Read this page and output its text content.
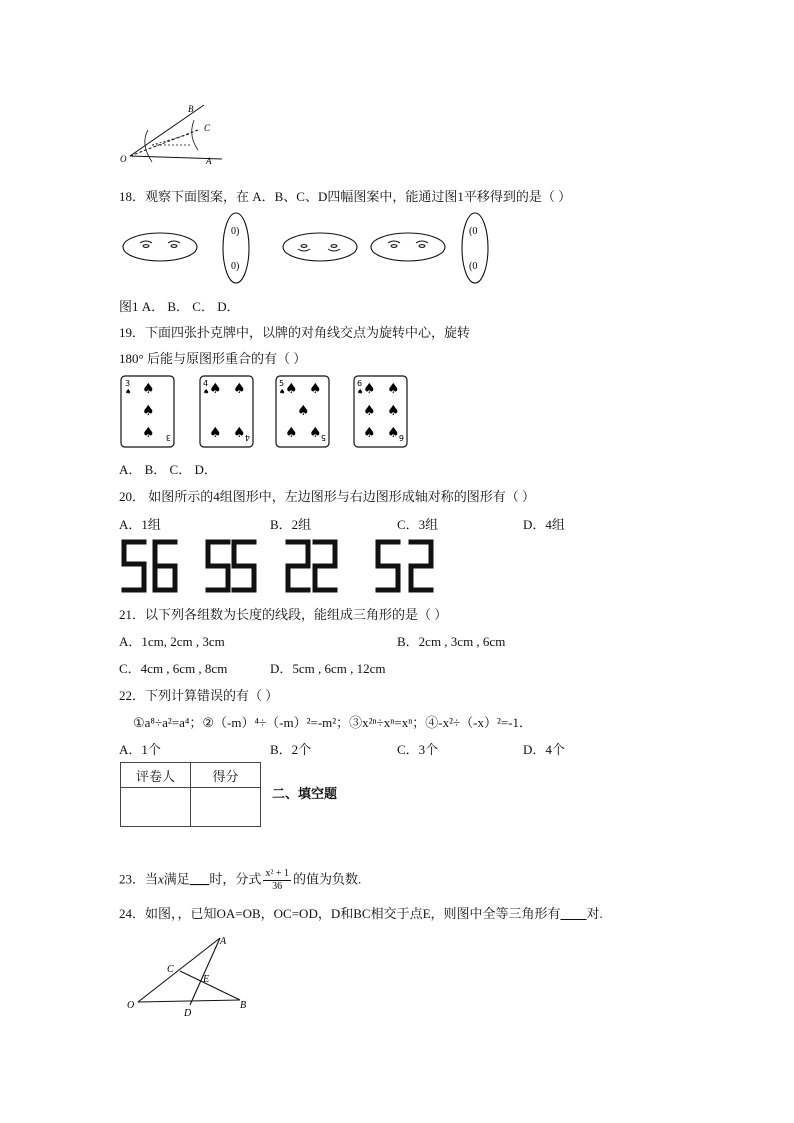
O	A
B
C
18．观察下面图案，在 A．B、C、D四幅图案中，能通过图1平移得到的是（ ）
0)
0)
(0
(0
图1 A． B． C． D．
19．下面四张扑克牌中，以牌的对角线交点为旋转中心，旋转
180° 后能与原图形重合的有（ ）
3
♠ ♠
♠
♠ 3
4
♠ ♠ ♠
♠ ♠ 4
5
♠ ♠ ♠
♠
♠ ♠ 5
6
♠ ♠ ♠
♠ ♠
♠ ♠ 6
A． B． C． D．
20． 如图所示的4组图形中，左边图形与右边图形成轴对称的图形有（ ）
A．1组	B．2组	C．3组	D．4组
21．以下列各组数为长度的线段，能组成三角形的是（ ）
A．1cm, 2cm , 3cm	B．2cm , 3cm , 6cm
C．4cm , 6cm , 8cm	D．5cm , 6cm , 12cm
22．下列计算错误的有（ ）
①a⁸÷a²=a⁴；②（-m）⁴÷（-m）²=-m²；③x²ⁿ÷xⁿ=xⁿ；④-x²÷（-x）²=-1．
A．1个	B．2个	C．3个	D．4个
评卷人	得分

二、填空题
23．当x满足___时，分式 $\frac{\text{x² + 1}}{36}$ 的值为负数.
24．如图，，已知OA=OB，OC=OD，D和BC相交于点E，则图中全等三角形有____对.
O
A
B
C
D
E
